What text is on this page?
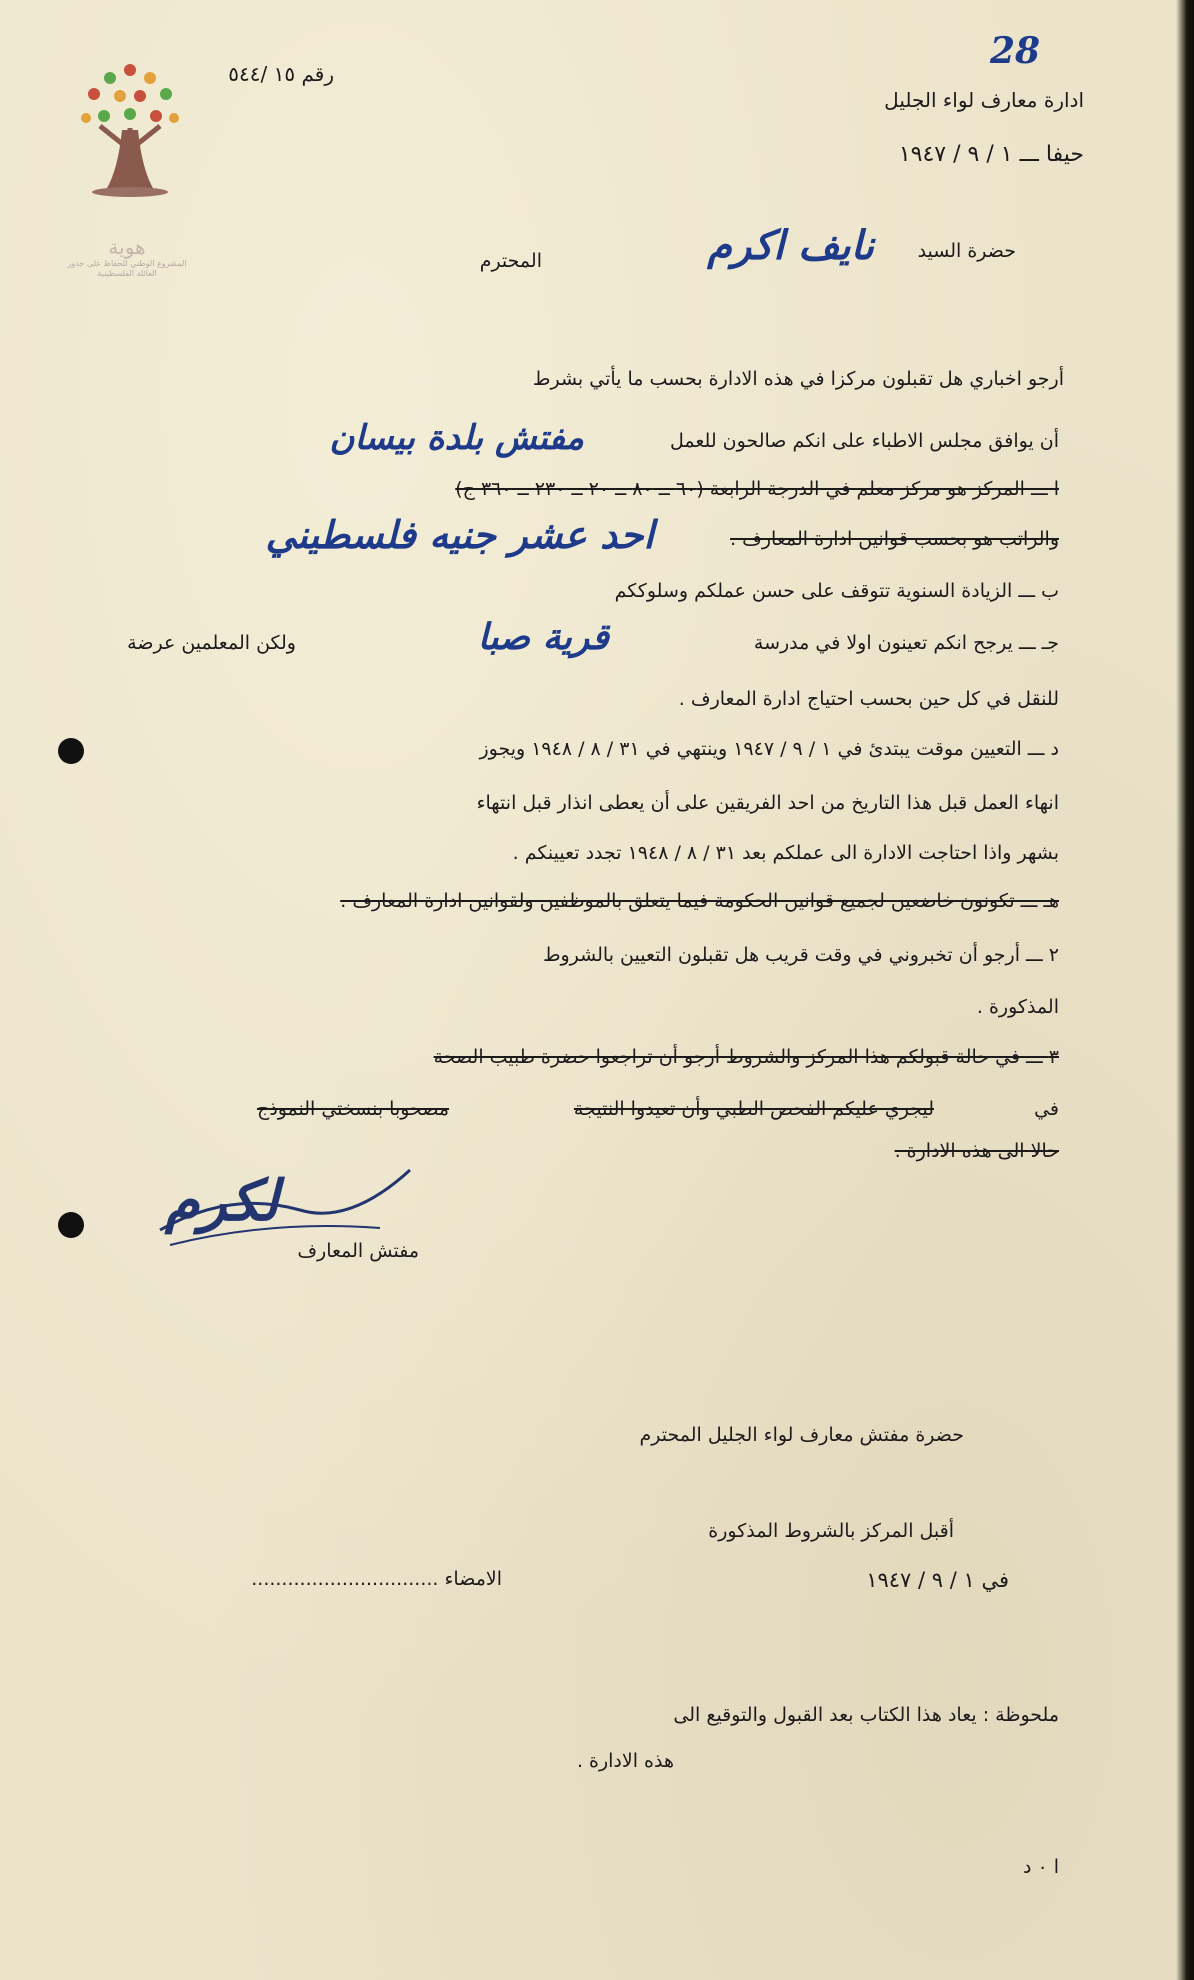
هوية
المشروع الوطني للحفاظ على جذور العائلة الفلسطينية
28
رقم ١٥ /٥٤٤
ادارة معارف لواء الجليل
حيفا ـــ ١ / ٩ / ١٩٤٧
حضرة السيد
نايف اكرم
المحترم
أرجو اخباري هل تقبلون مركزا في هذه الادارة بحسب ما يأتي بشرط
أن يوافق مجلس الاطباء على انكم صالحون للعمل
مفتش بلدة بيسان
ا ـــ المركز هو مركز معلم في الدرجة الرابعة (٦٠ ــ ٨٠ ــ ٢٠ ــ ٢٣٠ ــ ٣٦٠ ج)
والراتب هو بحسب قوانين ادارة المعارف .
احد عشر جنيه فلسطيني
ب ـــ الزيادة السنوية تتوقف على حسن عملكم وسلوككم
جـ ـــ يرجح انكم تعينون اولا في مدرسة
قرية صبا
ولكن المعلمين عرضة
للنقل في كل حين بحسب احتياج ادارة المعارف .
د ـــ التعيين موقت يبتدئ في ١ / ٩ / ١٩٤٧ وينتهي في ٣١ / ٨ / ١٩٤٨ ويجوز
انهاء العمل قبل هذا التاريخ من احد الفريقين على أن يعطى انذار قبل انتهاء
بشهر واذا احتاجت الادارة الى عملكم بعد ٣١ / ٨ / ١٩٤٨ تجدد تعيينكم .
هـ ـــ تكونون خاضعين لجميع قوانين الحكومة فيما يتعلق بالموظفين ولقوانين ادارة المعارف .
٢ ـــ أرجو أن تخبروني في وقت قريب هل تقبلون التعيين بالشروط
المذكورة .
٣ ـــ في حالة قبولكم هذا المركز والشروط أرجو أن تراجعوا حضرة طبيب الصحة
في
ليجري عليكم الفحص الطبي وأن تعيدوا النتيجة
مصحوبا بنسختي النموذج
حالا الى هذه الادارة .
لكرم
مفتش المعارف
حضرة مفتش معارف لواء الجليل المحترم
أقبل المركز بالشروط المذكورة
في ١ / ٩ / ١٩٤٧
الامضاء ...............................
ملحوظة : يعاد هذا الكتاب بعد القبول والتوقيع الى
هذه الادارة .
ا ٠ د
